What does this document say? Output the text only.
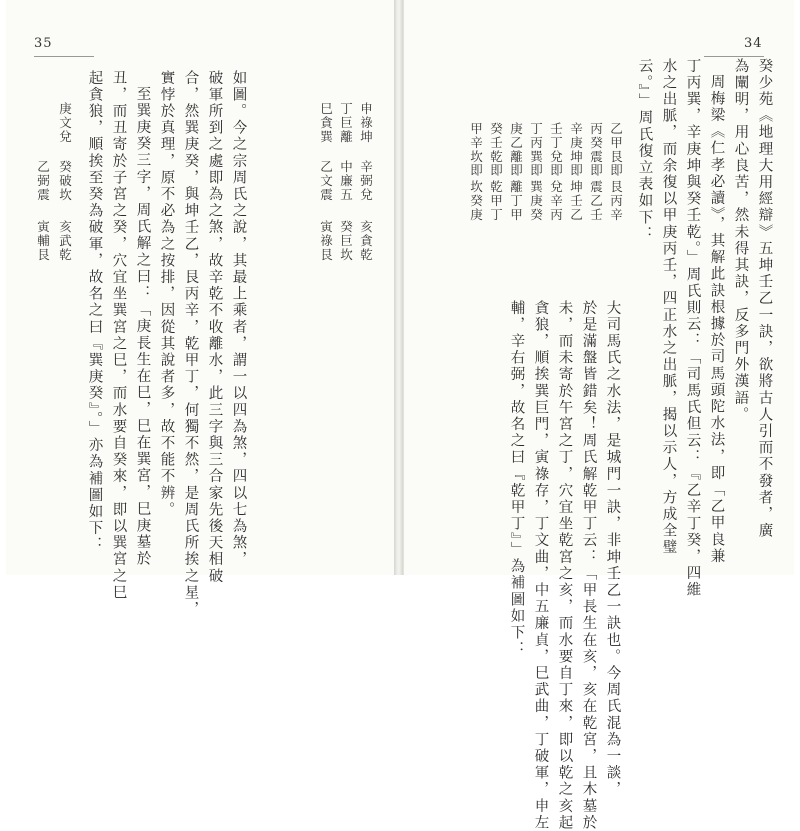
35
如圖。今之宗周氏之說，其最上乘者，謂一以四為煞，四以七為煞，
破軍所到之處即為之煞，故辛乾不收離水，此三字與三合家先後天相破
合，然巽庚癸，與坤壬乙，艮丙辛，乾甲丁，何獨不然，是周氏所挨之星，
實悖於真理，原不必為之按排，因從其說者多，故不能不辨。
至巽庚癸三字，周氏解之曰：「庚長生在巳，巳在巽宮，巳庚墓於
丑，而丑寄於子宮之癸，穴宜坐巽宮之巳，而水要自癸來，即以巽宮之巳
起貪狼，順挨至癸為破軍，故名之曰『巽庚癸』。」亦為補圖如下：	申祿坤
丁巨離
巳貪巽
辛弼兌
中廉五
乙文震
亥貪乾
癸巨坎
寅祿艮
庚文兌
乙弼震 癸破坎
亥武乾
寅輔艮
34
癸少苑《地理大用經辯》五坤壬乙一訣，欲將古人引而不發者，廣
為闡明，用心良苦，然未得其訣，反多門外漢語。
周梅梁《仁孝必讀》，其解此訣根據於司馬頭陀水法，即「乙甲良兼
丁丙巽，辛庚坤與癸壬乾。」周氏則云：「司馬氏但云：『乙辛丁癸，四維
水之出脈，而余復以甲庚丙壬，四正水之出脈，揭以示人，方成全璧
云。』」周氏復立表如下：
乙甲艮即
丙癸震即
辛庚坤即
壬丁兌即
艮丙辛
震乙壬
坤壬乙
兌辛丙
丁丙巽即
庚乙離即
癸壬乾即
甲辛坎即
巽庚癸
離丁甲
乾甲丁
坎癸庚
大司馬氏之水法，是城門一訣，非坤壬乙一訣也。今周氏混為一談，
於是滿盤皆錯矣！周氏解乾甲丁云：「甲長生在亥，亥在乾宮，且木墓於
未，而未寄於午宮之丁，穴宜坐乾宮之亥，而水要自丁來，即以乾之亥起
貪狼，順挨巽巨門，寅祿存，丁文曲，中五廉貞，巳武曲，丁破軍，申左
輔，辛右弼，故名之曰『乾甲丁』」為補圖如下：
